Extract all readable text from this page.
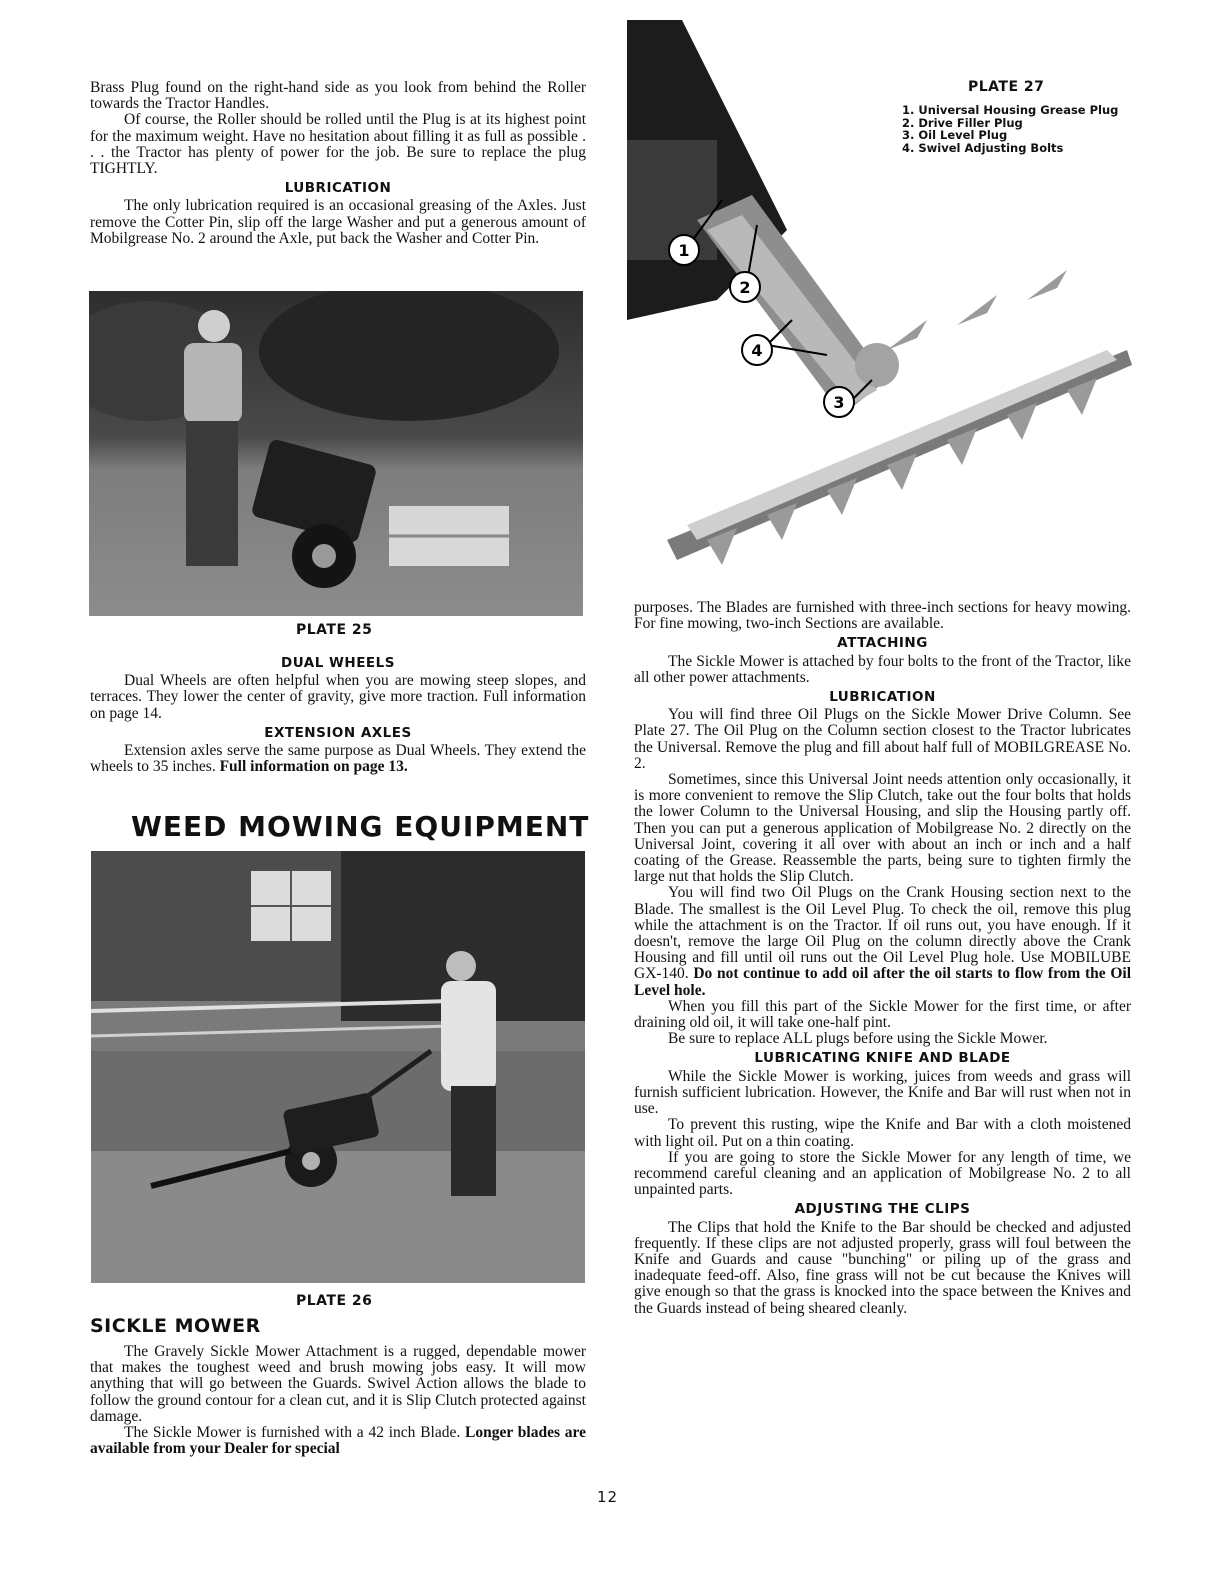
Brass Plug found on the right-hand side as you look from behind the Roller towards the Tractor Handles.

Of course, the Roller should be rolled until the Plug is at its highest point for the maximum weight. Have no hesitation about filling it as full as possible . . . the Tractor has plenty of power for the job. Be sure to replace the plug TIGHTLY.

LUBRICATION

The only lubrication required is an occasional greasing of the Axles. Just remove the Cotter Pin, slip off the large Washer and put a generous amount of Mobilgrease No. 2 around the Axle, put back the Washer and Cotter Pin.

PLATE 25
DUAL WHEELS

Dual Wheels are often helpful when you are mowing steep slopes, and terraces. They lower the center of gravity, give more traction. Full information on page 14.

EXTENSION AXLES

Extension axles serve the same purpose as Dual Wheels. They extend the wheels to 35 inches. Full information on page 13.

WEED MOWING EQUIPMENT
PLATE 26
SICKLE MOWER

The Gravely Sickle Mower Attachment is a rugged, dependable mower that makes the toughest weed and brush mowing jobs easy. It will mow anything that will go between the Guards. Swivel Action allows the blade to follow the ground contour for a clean cut, and it is Slip Clutch protected against damage.

The Sickle Mower is furnished with a 42 inch Blade. Longer blades are available from your Dealer for special

1
2
4
3
PLATE 27
1. Universal Housing Grease Plug
2. Drive Filler Plug
3. Oil Level Plug
4. Swivel Adjusting Bolts

purposes. The Blades are furnished with three-inch sections for heavy mowing. For fine mowing, two-inch Sections are available.

ATTACHING

The Sickle Mower is attached by four bolts to the front of the Tractor, like all other power attachments.

LUBRICATION

You will find three Oil Plugs on the Sickle Mower Drive Column. See Plate 27. The Oil Plug on the Column section closest to the Tractor lubricates the Universal. Remove the plug and fill about half full of MOBILGREASE No. 2.

Sometimes, since this Universal Joint needs attention only occasionally, it is more convenient to remove the Slip Clutch, take out the four bolts that holds the lower Column to the Universal Housing, and slip the Housing partly off. Then you can put a generous application of Mobilgrease No. 2 directly on the Universal Joint, covering it all over with about an inch or inch and a half coating of the Grease. Reassemble the parts, being sure to tighten firmly the large nut that holds the Slip Clutch.

You will find two Oil Plugs on the Crank Housing section next to the Blade. The smallest is the Oil Level Plug. To check the oil, remove this plug while the attachment is on the Tractor. If oil runs out, you have enough. If it doesn't, remove the large Oil Plug on the column directly above the Crank Housing and fill until oil runs out the Oil Level Plug hole. Use MOBILUBE GX-140. Do not continue to add oil after the oil starts to flow from the Oil Level hole.

When you fill this part of the Sickle Mower for the first time, or after draining old oil, it will take one-half pint.

Be sure to replace ALL plugs before using the Sickle Mower.

LUBRICATING KNIFE AND BLADE

While the Sickle Mower is working, juices from weeds and grass will furnish sufficient lubrication. However, the Knife and Bar will rust when not in use.

To prevent this rusting, wipe the Knife and Bar with a cloth moistened with light oil. Put on a thin coating.

If you are going to store the Sickle Mower for any length of time, we recommend careful cleaning and an application of Mobilgrease No. 2 to all unpainted parts.

ADJUSTING THE CLIPS

The Clips that hold the Knife to the Bar should be checked and adjusted frequently. If these clips are not adjusted properly, grass will foul between the Knife and Guards and cause "bunching" or piling up of the grass and inadequate feed-off. Also, fine grass will not be cut because the Knives will give enough so that the grass is knocked into the space between the Knives and the Guards instead of being sheared cleanly.

12
